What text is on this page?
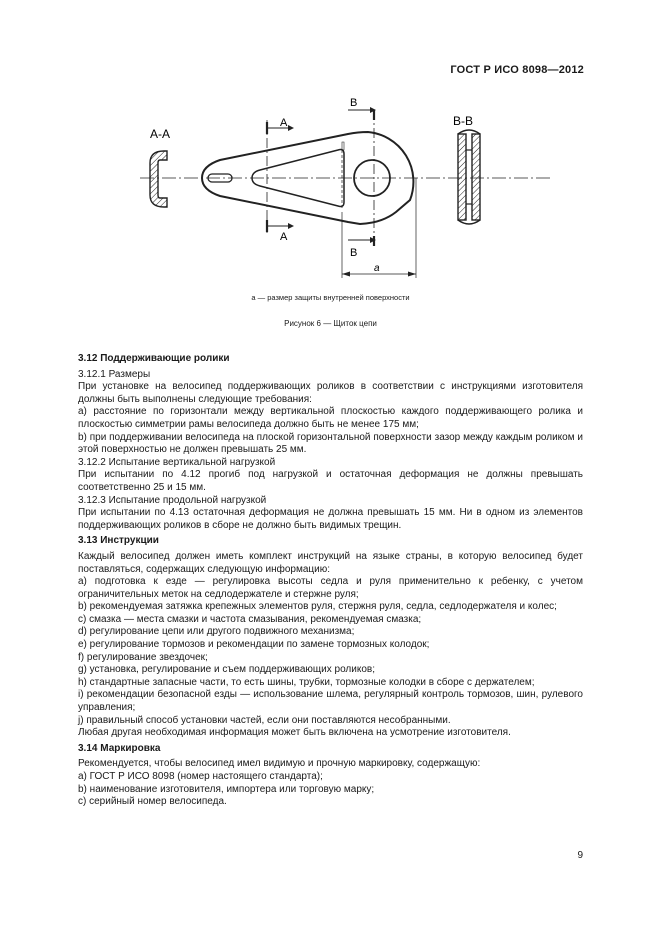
ГОСТ Р ИСО 8098—2012
А-А
А
А
В
В
а
В-В
а — размер защиты внутренней поверхности
Рисунок 6 — Щиток цепи

3.12 Поддерживающие ролики

3.12.1 Размеры

При установке на велосипед поддерживающих роликов в соответствии с инструкциями изготовителя должны быть выполнены следующие требования:

а) расстояние по горизонтали между вертикальной плоскостью каждого поддерживающего ролика и плоскостью симметрии рамы велосипеда должно быть не менее 175 мм;

b) при поддерживании велосипеда на плоской горизонтальной поверхности зазор между каждым роликом и этой поверхностью не должен превышать 25 мм.

3.12.2 Испытание вертикальной нагрузкой

При испытании по 4.12 прогиб под нагрузкой и остаточная деформация не должны превышать соответственно 25 и 15 мм.

3.12.3 Испытание продольной нагрузкой

При испытании по 4.13 остаточная деформация не должна превышать 15 мм. Ни в одном из элементов поддерживающих роликов в сборе не должно быть видимых трещин.

3.13 Инструкции

Каждый велосипед должен иметь комплект инструкций на языке страны, в которую велосипед будет поставляться, содержащих следующую информацию:

а) подготовка к езде — регулировка высоты седла и руля применительно к ребенку, с учетом ограничительных меток на седлодержателе и стержне руля;

b) рекомендуемая затяжка крепежных элементов руля, стержня руля, седла, седлодержателя и колес;

c) смазка — места смазки и частота смазывания, рекомендуемая смазка;

d) регулирование цепи или другого подвижного механизма;

e) регулирование тормозов и рекомендации по замене тормозных колодок;

f) регулирование звездочек;

g) установка, регулирование и съем поддерживающих роликов;

h) стандартные запасные части, то есть шины, трубки, тормозные колодки в сборе с держателем;

i) рекомендации безопасной езды — использование шлема, регулярный контроль тормозов, шин, рулевого управления;

j) правильный способ установки частей, если они поставляются несобранными.

Любая другая необходимая информация может быть включена на усмотрение изготовителя.

3.14 Маркировка

Рекомендуется, чтобы велосипед имел видимую и прочную маркировку, содержащую:

а) ГОСТ Р ИСО 8098 (номер настоящего стандарта);

b) наименование изготовителя, импортера или торговую марку;

c) серийный номер велосипеда.

9
